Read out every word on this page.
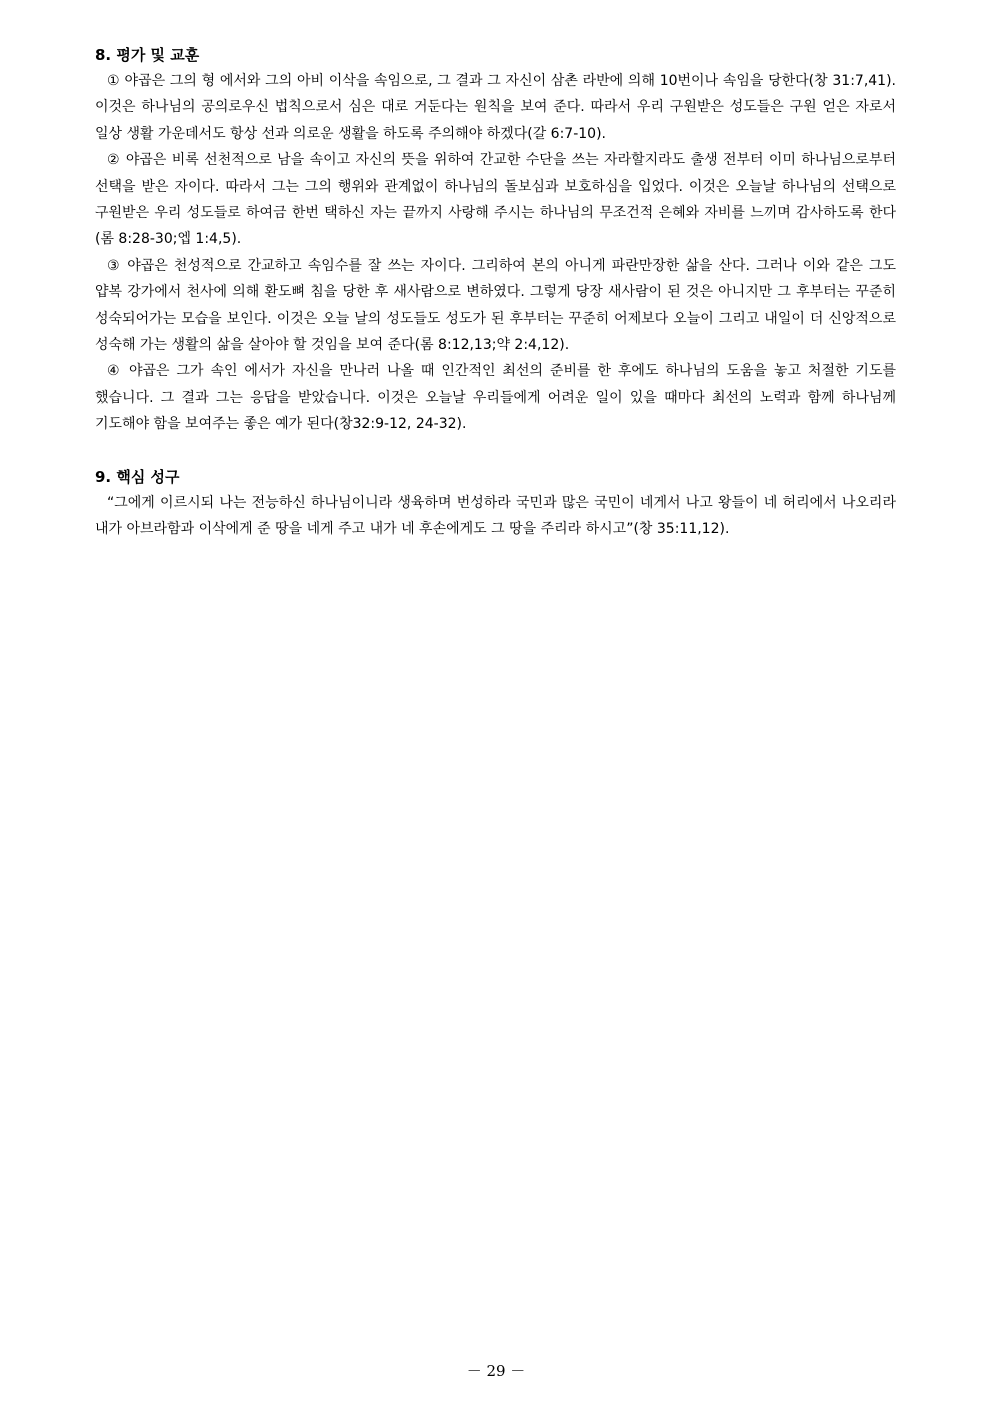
8. 평가 및 교훈

① 야곱은 그의 형 에서와 그의 아비 이삭을 속임으로, 그 결과 그 자신이 삼촌 라반에 의해 10번이나 속임을 당한다(창 31:7,41). 이것은 하나님의 공의로우신 법칙으로서 심은 대로 거둔다는 원칙을 보여 준다. 따라서 우리 구원받은 성도들은 구원 얻은 자로서 일상 생활 가운데서도 항상 선과 의로운 생활을 하도록 주의해야 하겠다(갈 6:7-10).

② 야곱은 비록 선천적으로 남을 속이고 자신의 뜻을 위하여 간교한 수단을 쓰는 자라할지라도 출생 전부터 이미 하나님으로부터 선택을 받은 자이다. 따라서 그는 그의 행위와 관계없이 하나님의 돌보심과 보호하심을 입었다. 이것은 오늘날 하나님의 선택으로 구원받은 우리 성도들로 하여금 한번 택하신 자는 끝까지 사랑해 주시는 하나님의 무조건적 은혜와 자비를 느끼며 감사하도록 한다(롬 8:28-30;엡 1:4,5).

③ 야곱은 천성적으로 간교하고 속임수를 잘 쓰는 자이다. 그리하여 본의 아니게 파란만장한 삶을 산다. 그러나 이와 같은 그도 얍복 강가에서 천사에 의해 환도뼈 침을 당한 후 새사람으로 변하였다. 그렇게 당장 새사람이 된 것은 아니지만 그 후부터는 꾸준히 성숙되어가는 모습을 보인다. 이것은 오늘 날의 성도들도 성도가 된 후부터는 꾸준히 어제보다 오늘이 그리고 내일이 더 신앙적으로 성숙해 가는 생활의 삶을 살아야 할 것임을 보여 준다(롬 8:12,13;약 2:4,12).

④ 야곱은 그가 속인 에서가 자신을 만나러 나올 때 인간적인 최선의 준비를 한 후에도 하나님의 도움을 놓고 처절한 기도를 했습니다. 그 결과 그는 응답을 받았습니다. 이것은 오늘날 우리들에게 어려운 일이 있을 때마다 최선의 노력과 함께 하나님께 기도해야 함을 보여주는 좋은 예가 된다(창32:9-12, 24-32).

9. 핵심 성구

“그에게 이르시되 나는 전능하신 하나님이니라 생육하며 번성하라 국민과 많은 국민이 네게서 나고 왕들이 네 허리에서 나오리라 내가 아브라함과 이삭에게 준 땅을 네게 주고 내가 네 후손에게도 그 땅을 주리라 하시고”(창 35:11,12).

－ 29 －
